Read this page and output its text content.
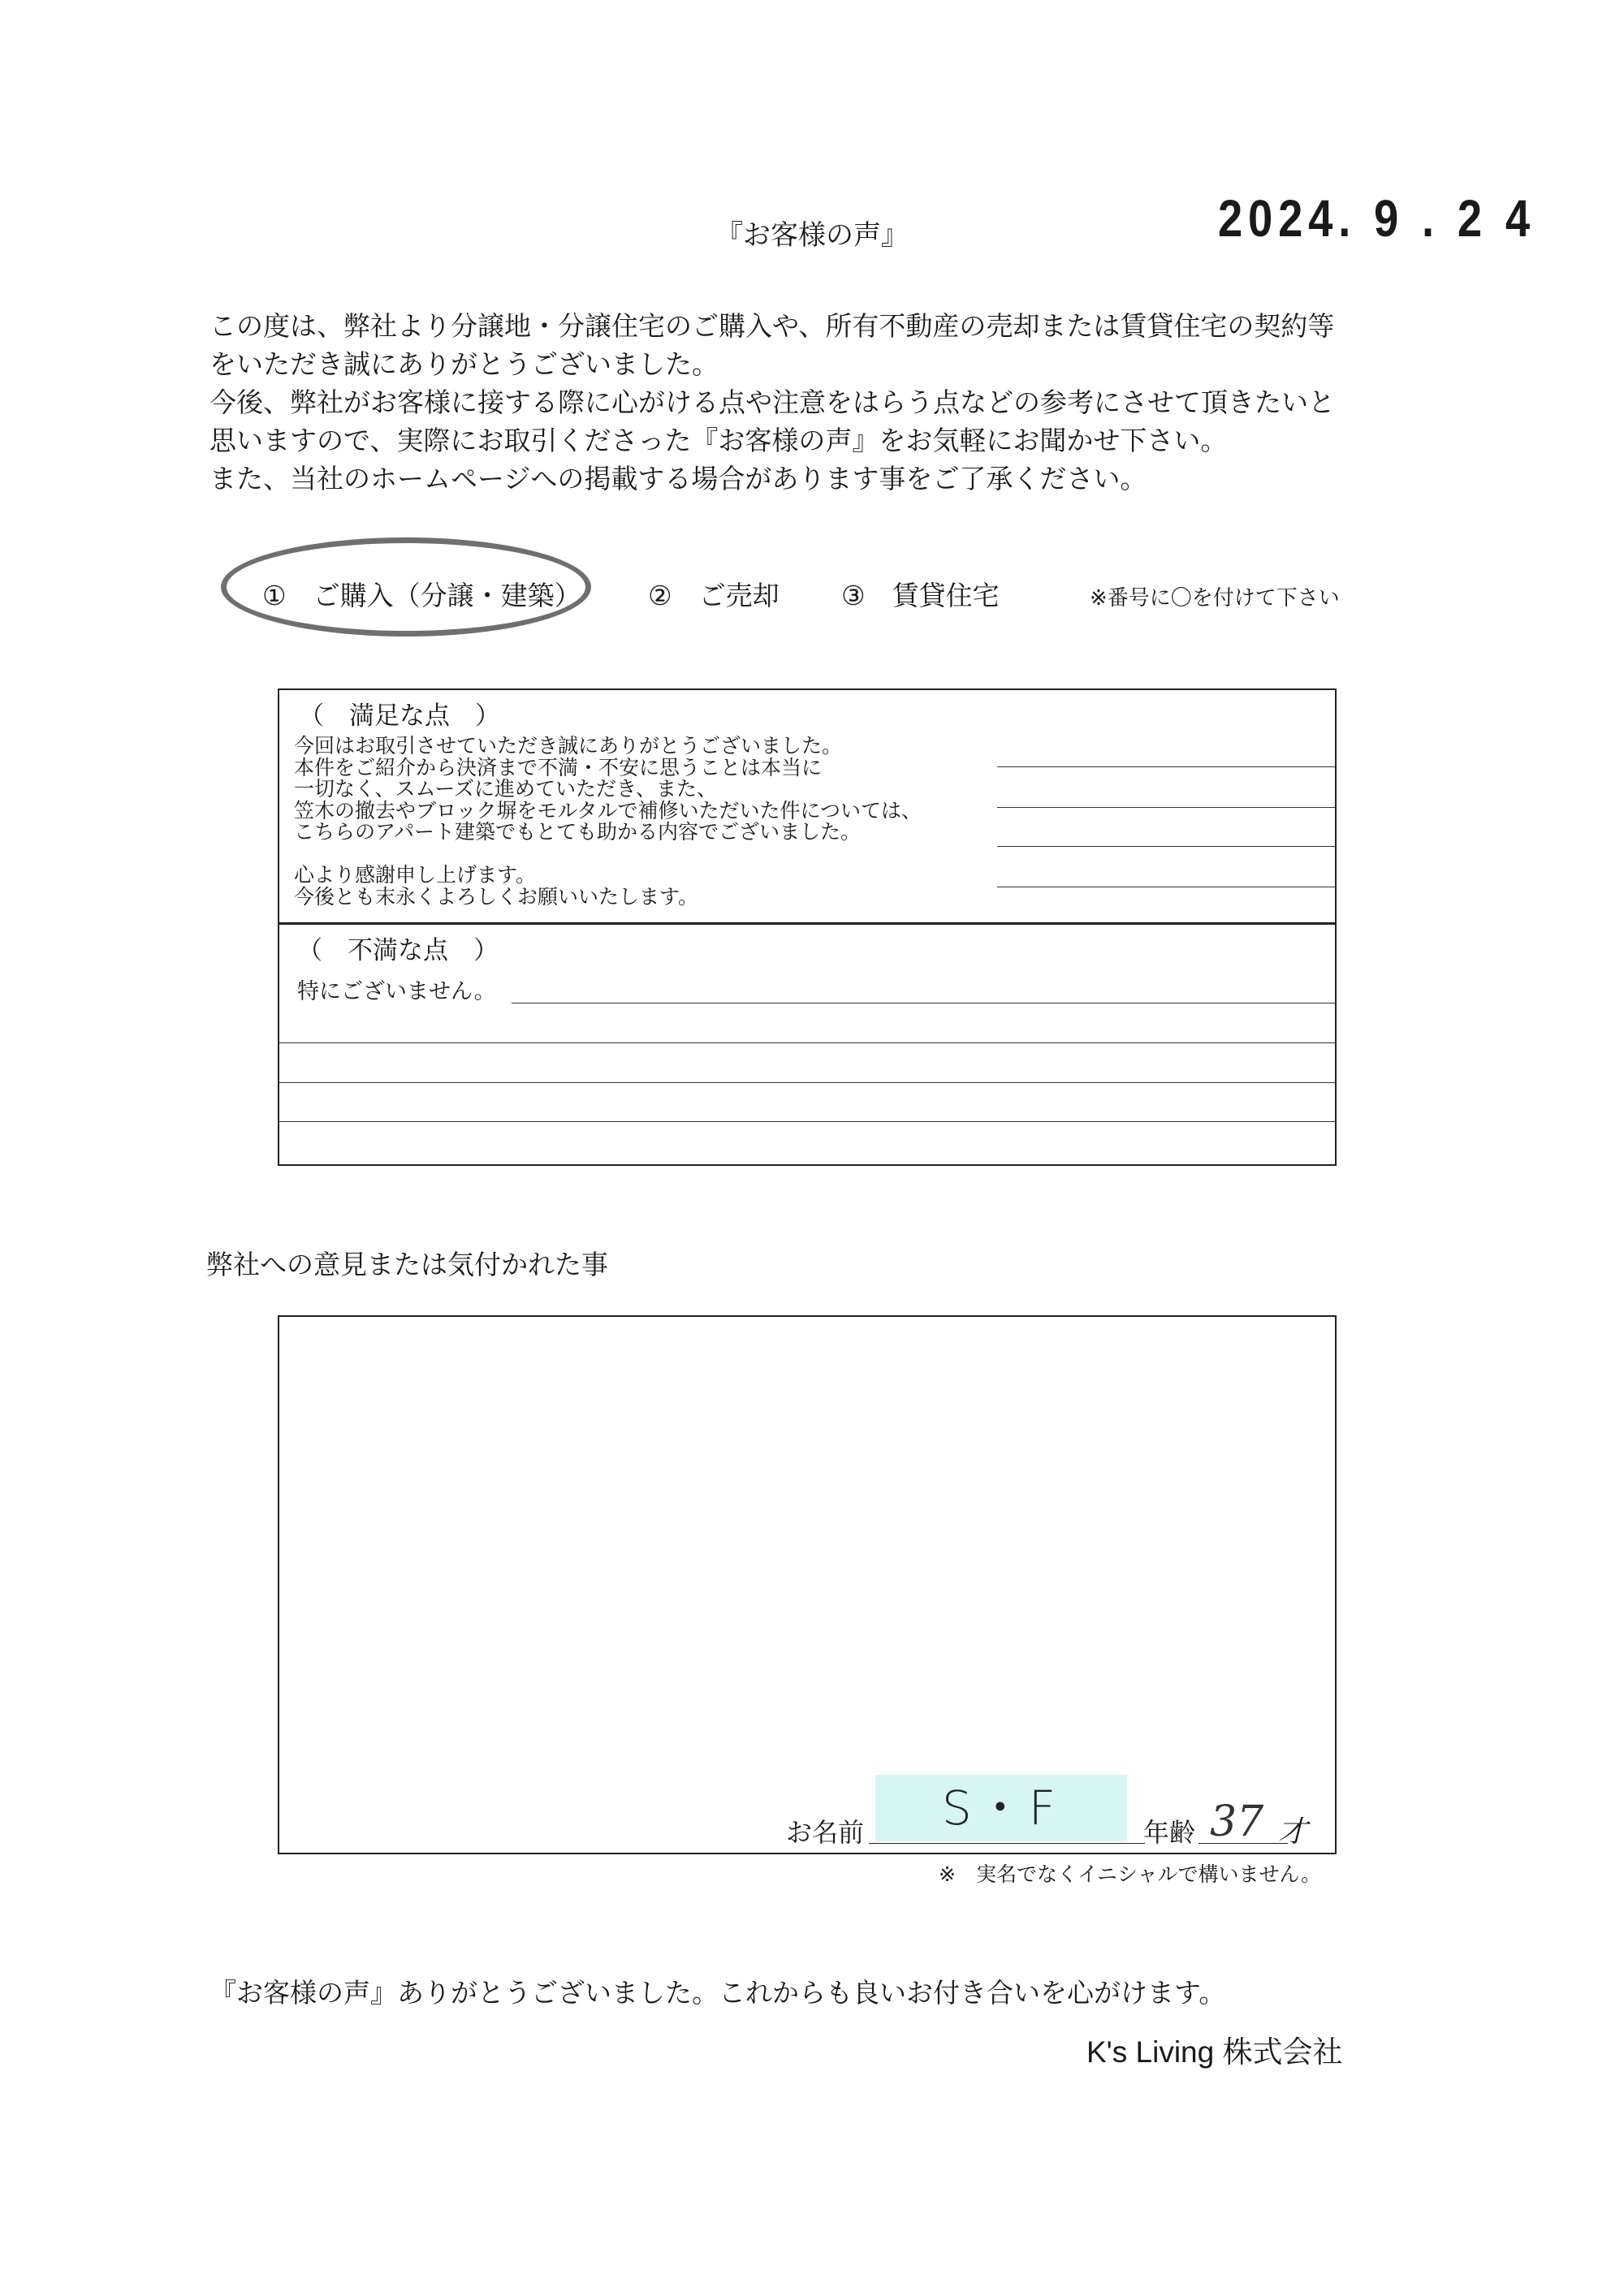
『お客様の声』	2024. 9 . 2 4
この度は、弊社より分譲地・分譲住宅のご購入や、所有不動産の売却または賃貸住宅の契約等
をいただき誠にありがとうございました。
今後、弊社がお客様に接する際に心がける点や注意をはらう点などの参考にさせて頂きたいと
思いますので、実際にお取引くださった『お客様の声』をお気軽にお聞かせ下さい。
また、当社のホームページへの掲載する場合があります事をご了承ください。
①　ご購入（分譲・建築） ②　ご売却 ③　賃貸住宅	※番号に〇を付けて下さい
（　満足な点　）
今回はお取引させていただき誠にありがとうございました。
本件をご紹介から決済まで不満・不安に思うことは本当に
一切なく、スムーズに進めていただき、また、
笠木の撤去やブロック塀をモルタルで補修いただいた件については、
こちらのアパート建築でもとても助かる内容でございました。
心より感謝申し上げます。
今後とも末永くよろしくお願いいたします。
（　不満な点　）
特にございません。
弊社への意見または気付かれた事
S・F
お名前	年齢 37 才
※　実名でなくイニシャルで構いません。
『お客様の声』ありがとうございました。これからも良いお付き合いを心がけます。
K's Living 株式会社
